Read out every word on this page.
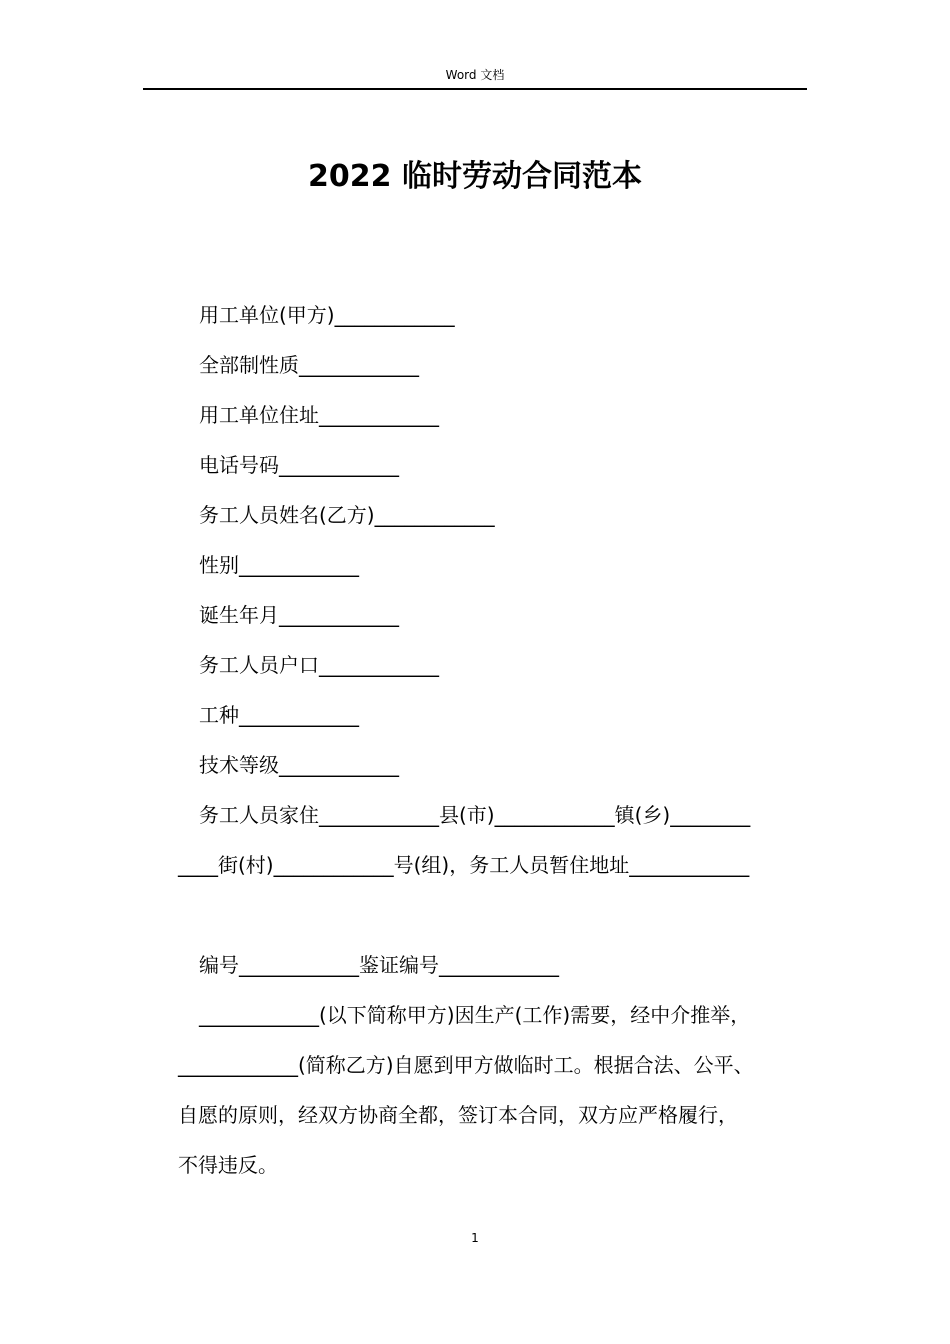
Word 文档
2022 临时劳动合同范本
用工单位(甲方)____________
全部制性质____________
用工单位住址____________
电话号码____________
务工人员姓名(乙方)____________
性别____________
诞生年月____________
务工人员户口____________
工种____________
技术等级____________
务工人员家住____________县(市)____________镇(乡)________
____街(村)____________号(组)，务工人员暂住地址____________
编号____________鉴证编号____________
____________(以下简称甲方)因生产(工作)需要，经中介推举，
____________(简称乙方)自愿到甲方做临时工。根据合法、公平、
自愿的原则，经双方协商全都，签订本合同，双方应严格履行，
不得违反。
1
